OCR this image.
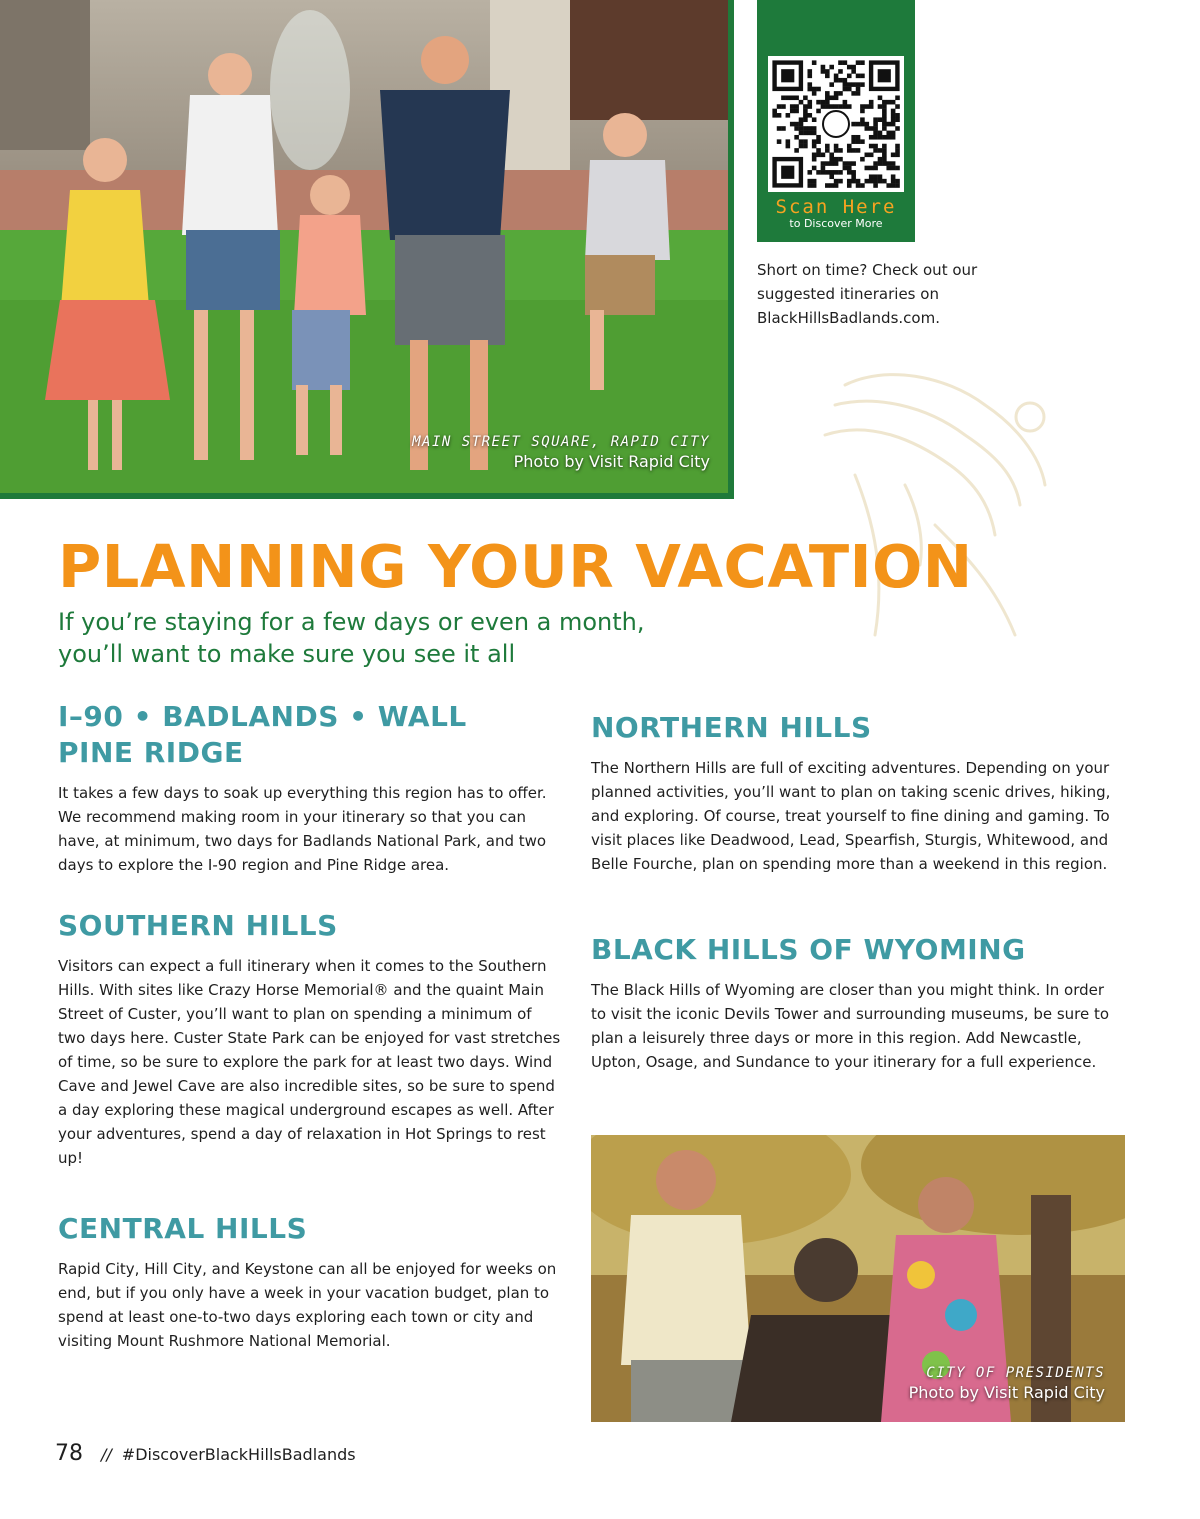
MAIN STREET SQUARE, RAPID CITY
Photo by Visit Rapid City
Scan Here
to Discover More
Short on time? Check out our suggested itineraries on BlackHillsBadlands.com.
PLANNING YOUR VACATION
If you’re staying for a few days or even a month,
you’ll want to make sure you see it all
I–90 • BADLANDS • WALL
PINE RIDGE

It takes a few days to soak up everything this region has to offer. We recommend making room in your itinerary so that you can have, at minimum, two days for Badlands National Park, and two days to explore the I-90 region and Pine Ridge area.

SOUTHERN HILLS

Visitors can expect a full itinerary when it comes to the Southern Hills. With sites like Crazy Horse Memorial® and the quaint Main Street of Custer, you’ll want to plan on spending a minimum of two days here. Custer State Park can be enjoyed for vast stretches of time, so be sure to explore the park for at least two days. Wind Cave and Jewel Cave are also incredible sites, so be sure to spend a day exploring these magical underground escapes as well. After your adventures, spend a day of relaxation in Hot Springs to rest up!

CENTRAL HILLS

Rapid City, Hill City, and Keystone can all be enjoyed for weeks on end, but if you only have a week in your vacation budget, plan to spend at least one-to-two days exploring each town or city and visiting Mount Rushmore National Memorial.

NORTHERN HILLS

The Northern Hills are full of exciting adventures. Depending on your planned activities, you’ll want to plan on taking scenic drives, hiking, and exploring. Of course, treat yourself to fine dining and gaming. To visit places like Deadwood, Lead, Spearfish, Sturgis, Whitewood, and Belle Fourche, plan on spending more than a weekend in this region.

BLACK HILLS OF WYOMING

The Black Hills of Wyoming are closer than you might think. In order to visit the iconic Devils Tower and surrounding museums, be sure to plan a leisurely three days or more in this region. Add Newcastle, Upton, Osage, and Sundance to your itinerary for a full experience.

CITY OF PRESIDENTS
Photo by Visit Rapid City
78 // #DiscoverBlackHillsBadlands
